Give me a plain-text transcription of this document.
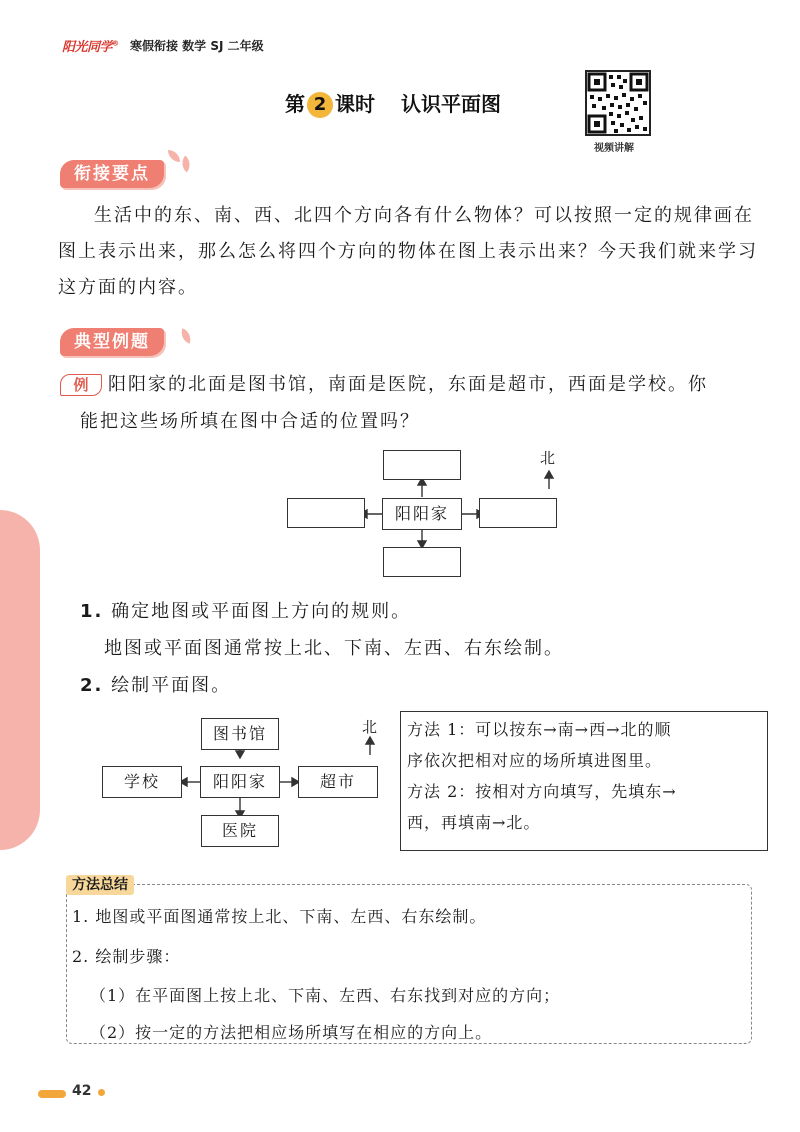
阳光同学® 寒假衔接 数学 SJ 二年级
第 2 课时 认识平面图
视频讲解
衔接要点
生活中的东、南、西、北四个方向各有什么物体？可以按照一定的规律画在图上表示出来，那么怎么将四个方向的物体在图上表示出来？今天我们就来学习这方面的内容。
典型例题
例	阳阳家的北面是图书馆，南面是医院，东面是超市，西面是学校。你
能把这些场所填在图中合适的位置吗？
阳阳家
北
1. 确定地图或平面图上方向的规则。
地图或平面图通常按上北、下南、左西、右东绘制。
2. 绘制平面图。
图书馆
学校	阳阳家	超市
医院
北 方法 1：可以按东→南→西→北的顺
序依次把相对应的场所填进图里。
方法 2：按相对方向填写，先填东→
西，再填南→北。
方法总结
1. 地图或平面图通常按上北、下南、左西、右东绘制。
2. 绘制步骤：
（1）在平面图上按上北、下南、左西、右东找到对应的方向；
（2）按一定的方法把相应场所填写在相应的方向上。
42
